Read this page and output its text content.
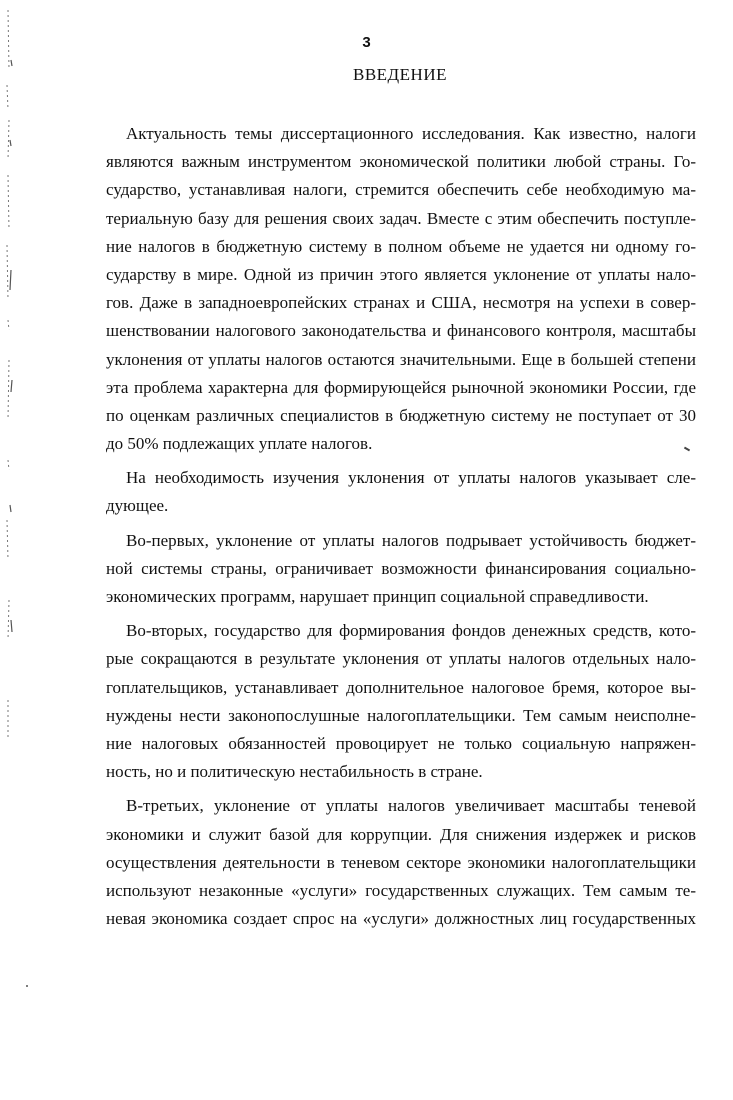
3
ВВЕДЕНИЕ
Актуальность темы диссертационного исследования. Как известно, налоги
являются важным инструментом экономической политики любой страны. Го-
сударство, устанавливая налоги, стремится обеспечить себе необходимую ма-
териальную базу для решения своих задач. Вместе с этим обеспечить поступле-
ние налогов в бюджетную систему в полном объеме не удается ни одному го-
сударству в мире. Одной из причин этого является уклонение от уплаты нало-
гов. Даже в западноевропейских странах и США, несмотря на успехи в совер-
шенствовании налогового законодательства и финансового контроля, масштабы
уклонения от уплаты налогов остаются значительными. Еще в большей степени
эта проблема характерна для формирующейся рыночной экономики России, где
по оценкам различных специалистов в бюджетную систему не поступает от 30
до 50% подлежащих уплате налогов.
На необходимость изучения уклонения от уплаты налогов указывает сле-
дующее.
Во-первых, уклонение от уплаты налогов подрывает устойчивость бюджет-
ной системы страны, ограничивает возможности финансирования социально-
экономических программ, нарушает принцип социальной справедливости.
Во-вторых, государство для формирования фондов денежных средств, кото-
рые сокращаются в результате уклонения от уплаты налогов отдельных нало-
гоплательщиков, устанавливает дополнительное налоговое бремя, которое вы-
нуждены нести законопослушные налогоплательщики. Тем самым неисполне-
ние налоговых обязанностей провоцирует не только социальную напряжен-
ность, но и политическую нестабильность в стране.
В-третьих, уклонение от уплаты налогов увеличивает масштабы теневой
экономики и служит базой для коррупции. Для снижения издержек и рисков
осуществления деятельности в теневом секторе экономики налогоплательщики
используют незаконные «услуги» государственных служащих. Тем самым те-
невая экономика создает спрос на «услуги» должностных лиц государственных
